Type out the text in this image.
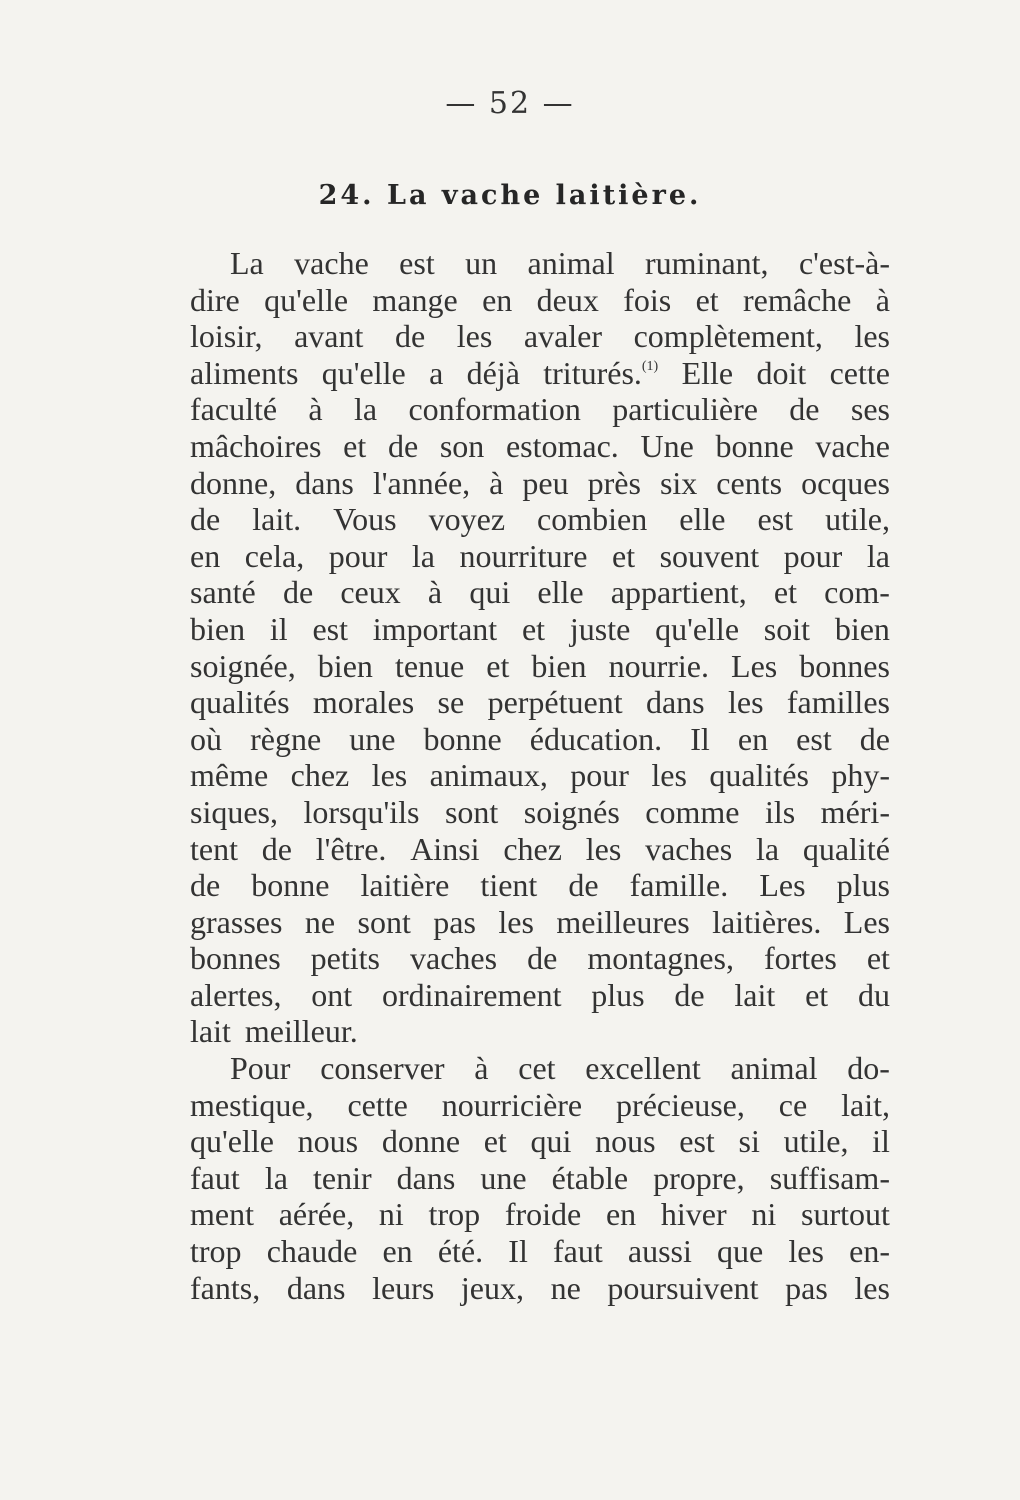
— 52 —
24. La vache laitière.
La vache est un animal ruminant, c'est-à-
dire qu'elle mange en deux fois et remâche à
loisir, avant de les avaler complètement, les
aliments qu'elle a déjà triturés.$^{(1)}$ Elle doit cette
faculté à la conformation particulière de ses
mâchoires et de son estomac. Une bonne vache
donne, dans l'année, à peu près six cents ocques
de lait. Vous voyez combien elle est utile,
en cela, pour la nourriture et souvent pour la
santé de ceux à qui elle appartient, et com-
bien il est important et juste qu'elle soit bien
soignée, bien tenue et bien nourrie. Les bonnes
qualités morales se perpétuent dans les familles
où règne une bonne éducation. Il en est de
même chez les animaux, pour les qualités phy-
siques, lorsqu'ils sont soignés comme ils méri-
tent de l'être. Ainsi chez les vaches la qualité
de bonne laitière tient de famille. Les plus
grasses ne sont pas les meilleures laitières. Les
bonnes petits vaches de montagnes, fortes et
alertes, ont ordinairement plus de lait et du
lait meilleur.
Pour conserver à cet excellent animal do-
mestique, cette nourricière précieuse, ce lait,
qu'elle nous donne et qui nous est si utile, il
faut la tenir dans une étable propre, suffisam-
ment aérée, ni trop froide en hiver ni surtout
trop chaude en été. Il faut aussi que les en-
fants, dans leurs jeux, ne poursuivent pas les
